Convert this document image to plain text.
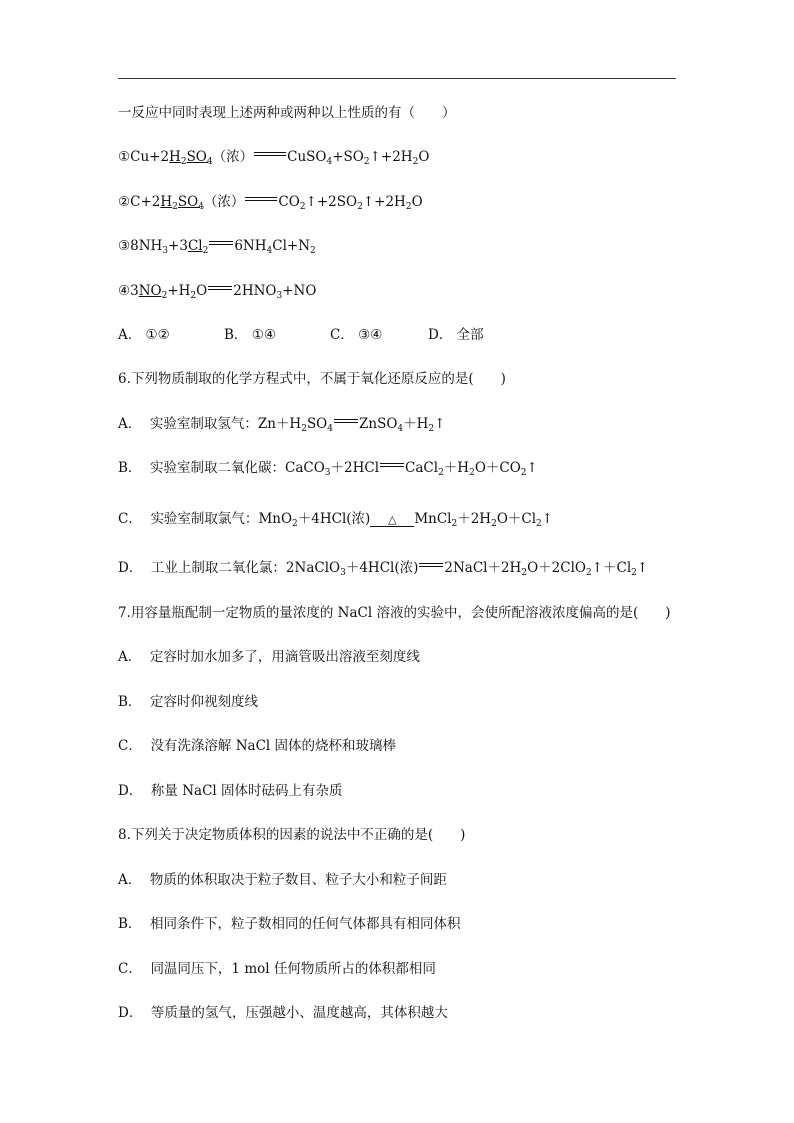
一反应中同时表现上述两种或两种以上性质的有（　　）
$①Cu+2H_2SO_4$（浓）	$CuSO_4+SO_2↑+2H_2O$
$②C+2H_2SO_4$（浓）	$CO_2↑+2SO_2↑+2H_2O$
$③8NH_3+3Cl_2$ $6NH_4Cl+N_2$
$④3NO_2+H_2O$ $2HNO_3+NO$
A． ①②	B． ①④	C． ③④	D． 全部
6.下列物质制取的化学方程式中，不属于氧化还原反应的是(　　)
A． 实验室制取氢气：$Zn+H_2SO_4$ $ZnSO_4+H_2↑$
B． 实验室制取二氧化碳：CaCO$_3$＋2HCl $CaCl_2+H_2O+CO_2↑$
C． 实验室制取氯气：MnO$_2$＋4HCl(浓) △ $MnCl_2+2H_2O+Cl_2↑$
D． 工业上制取二氧化氯：2NaClO$_3$＋4HCl(浓) $2NaCl+2H_2O+2ClO_2↑+Cl_2↑$
7.用容量瓶配制一定物质的量浓度的 NaCl 溶液的实验中，会使所配溶液浓度偏高的是(　　)
A． 定容时加水加多了，用滴管吸出溶液至刻度线
B． 定容时仰视刻度线
C． 没有洗涤溶解 NaCl 固体的烧杯和玻璃棒
D． 称量 NaCl 固体时砝码上有杂质
8.下列关于决定物质体积的因素的说法中不正确的是(　　)
A． 物质的体积取决于粒子数目、粒子大小和粒子间距
B． 相同条件下，粒子数相同的任何气体都具有相同体积
C． 同温同压下，1 mol 任何物质所占的体积都相同
D． 等质量的氢气，压强越小、温度越高，其体积越大
